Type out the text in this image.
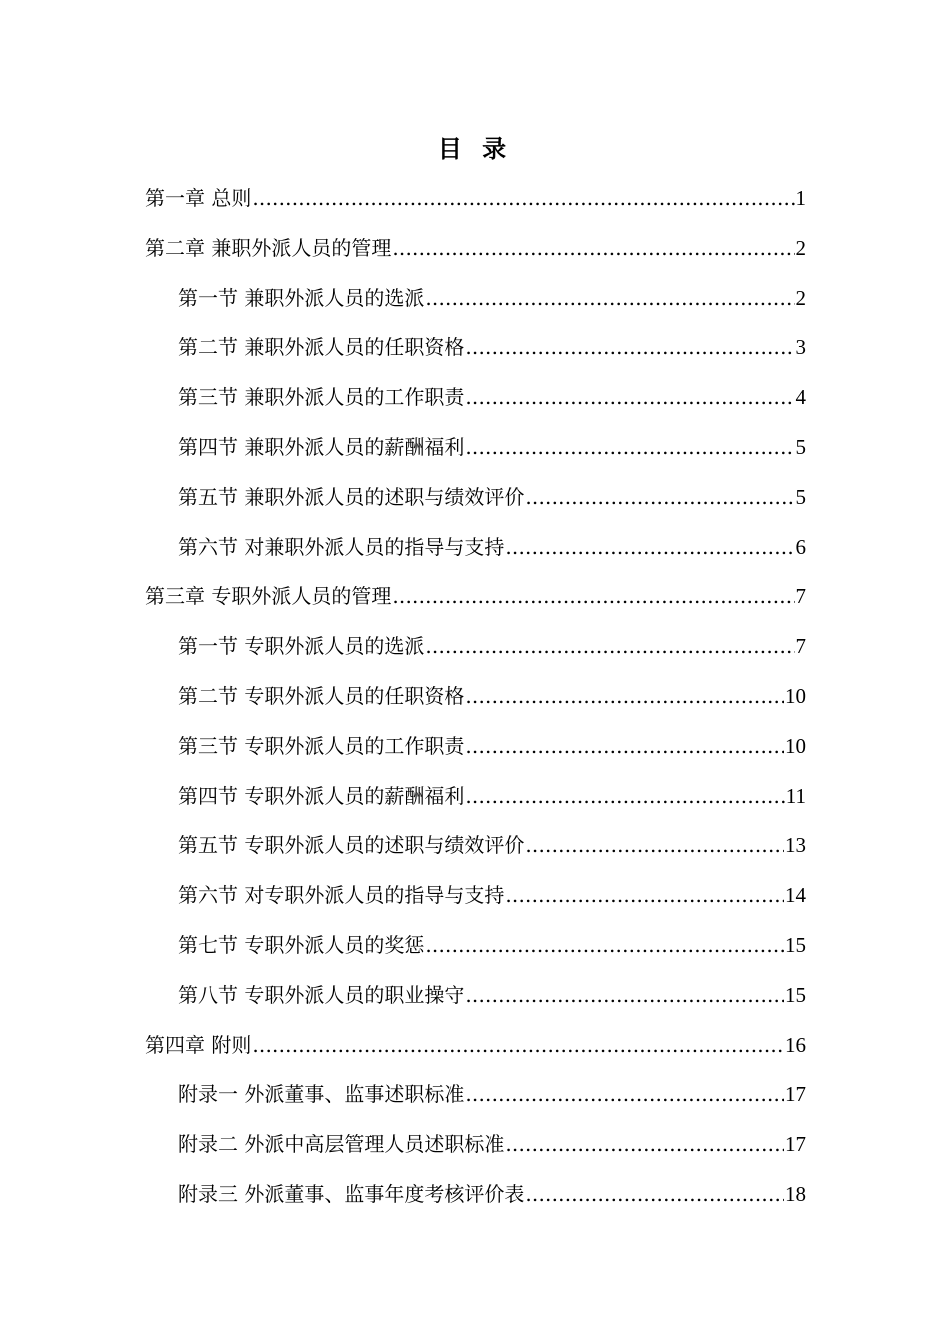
目 录
第一章 总则 .....	1
第二章 兼职外派人员的管理 .....	2
第一节 兼职外派人员的选派 .....	2
第二节 兼职外派人员的任职资格 .....	3
第三节 兼职外派人员的工作职责 .....	4
第四节 兼职外派人员的薪酬福利 .....	5
第五节 兼职外派人员的述职与绩效评价 .....	5
第六节 对兼职外派人员的指导与支持 .....	6
第三章 专职外派人员的管理 .....	7
第一节 专职外派人员的选派 .....	7
第二节 专职外派人员的任职资格 .....	10
第三节 专职外派人员的工作职责 .....	10
第四节 专职外派人员的薪酬福利 .....	11
第五节 专职外派人员的述职与绩效评价 .....	13
第六节 对专职外派人员的指导与支持 .....	14
第七节 专职外派人员的奖惩 .....	15
第八节 专职外派人员的职业操守 .....	15
第四章 附则 .....	16
附录一 外派董事、监事述职标准 .....	17
附录二 外派中高层管理人员述职标准 .....	17
附录三 外派董事、监事年度考核评价表 .....	18
